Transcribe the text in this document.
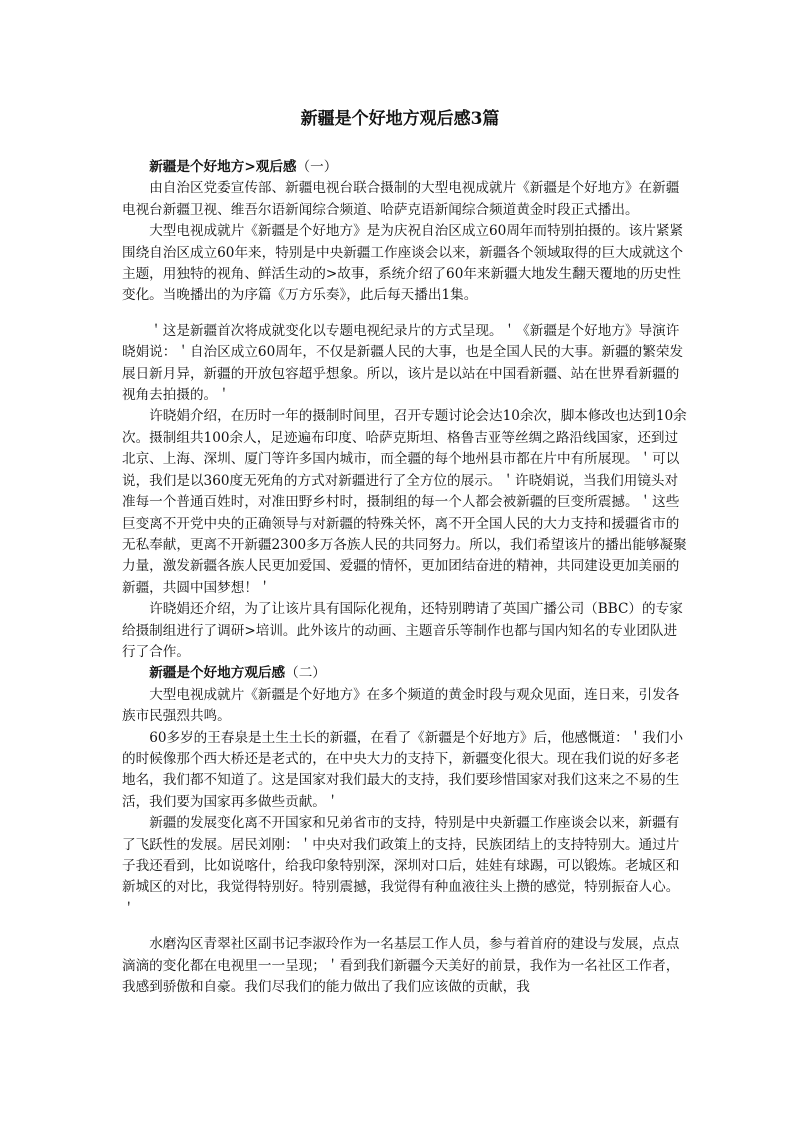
新疆是个好地方观后感3篇

新疆是个好地方>观后感（一）

由自治区党委宣传部、新疆电视台联合摄制的大型电视成就片《新疆是个好地方》在新疆电视台新疆卫视、维吾尔语新闻综合频道、哈萨克语新闻综合频道黄金时段正式播出。

大型电视成就片《新疆是个好地方》是为庆祝自治区成立60周年而特别拍摄的。该片紧紧围绕自治区成立60年来，特别是中央新疆工作座谈会以来，新疆各个领域取得的巨大成就这个主题，用独特的视角、鲜活生动的>故事，系统介绍了60年来新疆大地发生翻天覆地的历史性变化。当晚播出的为序篇《万方乐奏》，此后每天播出1集。

＇这是新疆首次将成就变化以专题电视纪录片的方式呈现。＇《新疆是个好地方》导演许晓娟说：＇自治区成立60周年，不仅是新疆人民的大事，也是全国人民的大事。新疆的繁荣发展日新月异，新疆的开放包容超乎想象。所以，该片是以站在中国看新疆、站在世界看新疆的视角去拍摄的。＇

许晓娟介绍，在历时一年的摄制时间里，召开专题讨论会达10余次，脚本修改也达到10余次。摄制组共100余人，足迹遍布印度、哈萨克斯坦、格鲁吉亚等丝绸之路沿线国家，还到过北京、上海、深圳、厦门等许多国内城市，而全疆的每个地州县市都在片中有所展现。＇可以说，我们是以360度无死角的方式对新疆进行了全方位的展示。＇许晓娟说，当我们用镜头对准每一个普通百姓时，对准田野乡村时，摄制组的每一个人都会被新疆的巨变所震撼。＇这些巨变离不开党中央的正确领导与对新疆的特殊关怀，离不开全国人民的大力支持和援疆省市的无私奉献，更离不开新疆2300多万各族人民的共同努力。所以，我们希望该片的播出能够凝聚力量，激发新疆各族人民更加爱国、爱疆的情怀，更加团结奋进的精神，共同建设更加美丽的新疆，共圆中国梦想！＇

许晓娟还介绍，为了让该片具有国际化视角，还特别聘请了英国广播公司（BBC）的专家给摄制组进行了调研>培训。此外该片的动画、主题音乐等制作也都与国内知名的专业团队进行了合作。

新疆是个好地方观后感（二）

大型电视成就片《新疆是个好地方》在多个频道的黄金时段与观众见面，连日来，引发各族市民强烈共鸣。

60多岁的王春泉是土生土长的新疆，在看了《新疆是个好地方》后，他感慨道：＇我们小的时候像那个西大桥还是老式的，在中央大力的支持下，新疆变化很大。现在我们说的好多老地名，我们都不知道了。这是国家对我们最大的支持，我们要珍惜国家对我们这来之不易的生活，我们要为国家再多做些贡献。＇

新疆的发展变化离不开国家和兄弟省市的支持，特别是中央新疆工作座谈会以来，新疆有了飞跃性的发展。居民刘刚：＇中央对我们政策上的支持，民族团结上的支持特别大。通过片子我还看到，比如说喀什，给我印象特别深，深圳对口后，娃娃有球踢，可以锻炼。老城区和新城区的对比，我觉得特别好。特别震撼，我觉得有种血液往头上攒的感觉，特别振奋人心。＇

水磨沟区青翠社区副书记李淑玲作为一名基层工作人员，参与着首府的建设与发展，点点滴滴的变化都在电视里一一呈现；＇看到我们新疆今天美好的前景，我作为一名社区工作者，我感到骄傲和自豪。我们尽我们的能力做出了我们应该做的贡献，我
